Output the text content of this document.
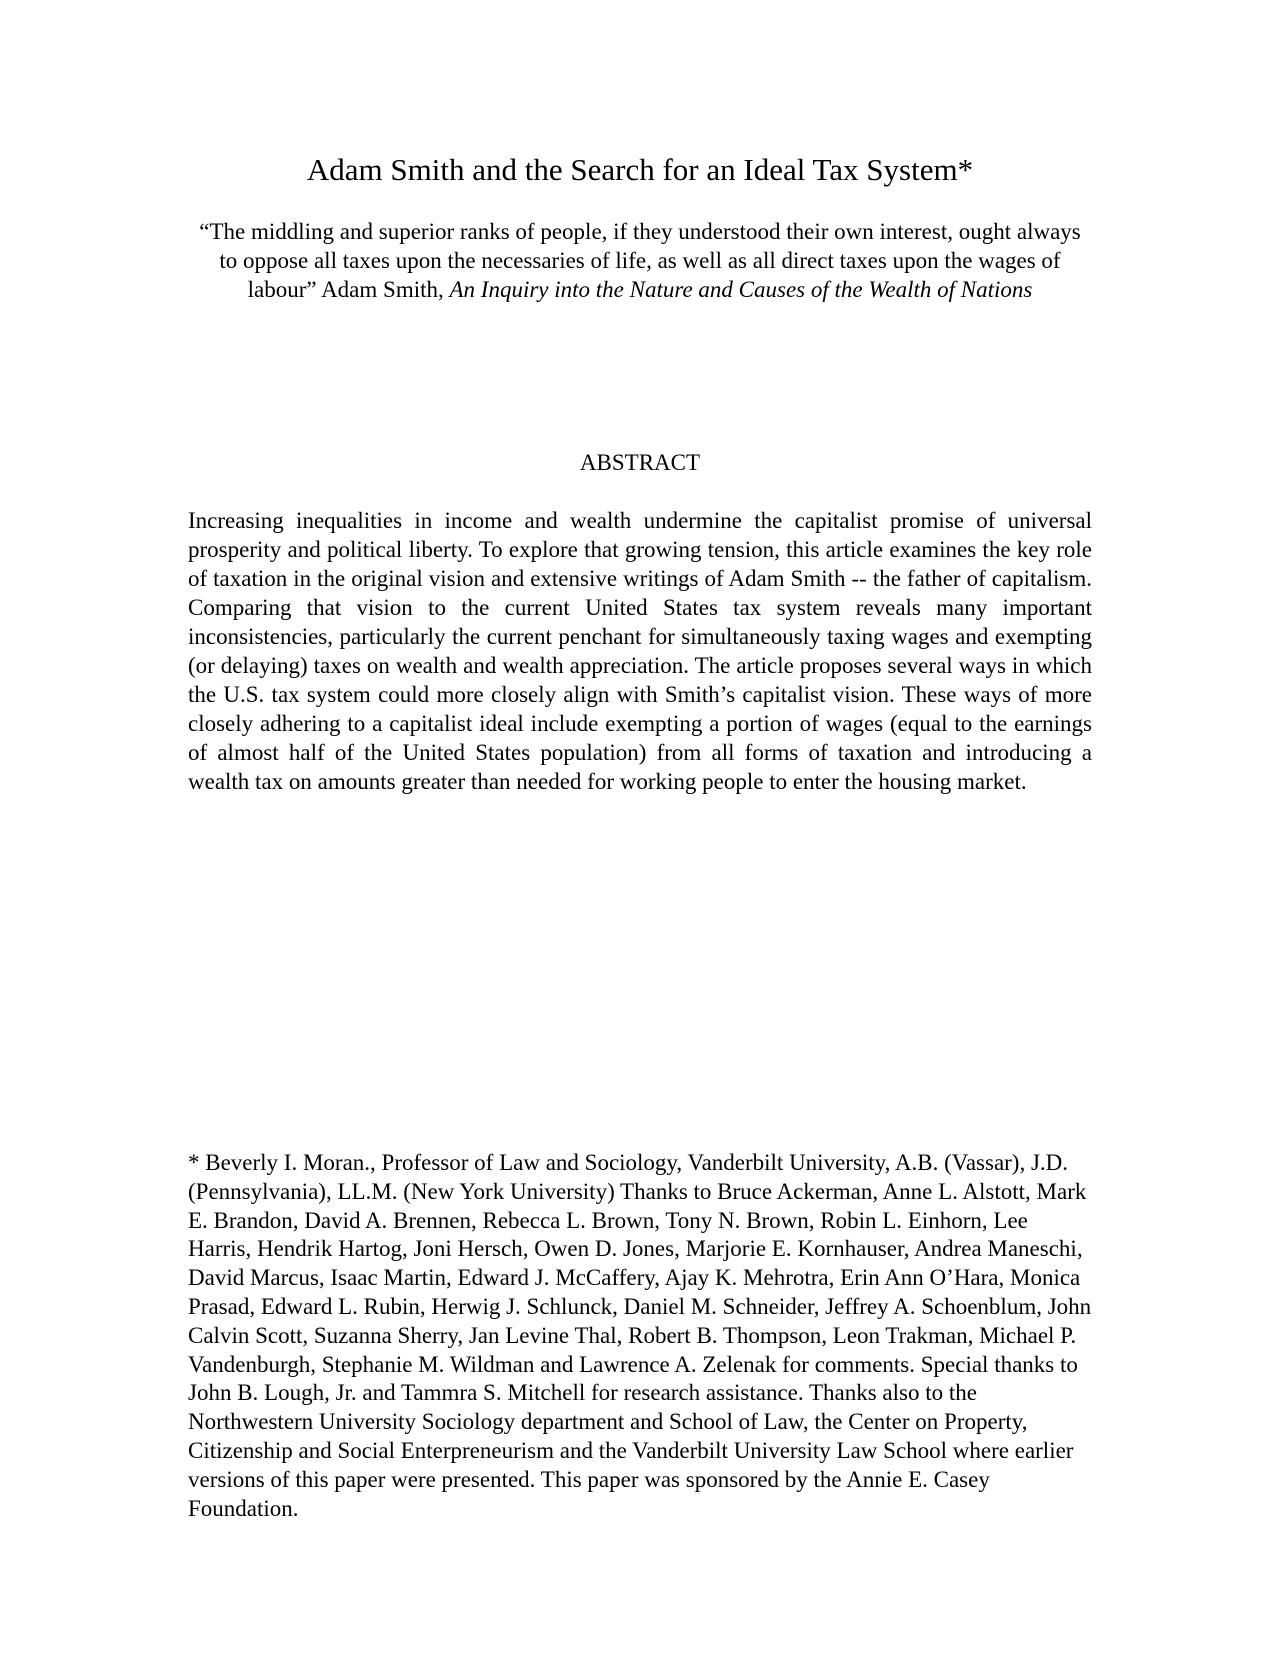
Adam Smith and the Search for an Ideal Tax System*

“The middling and superior ranks of people, if they understood their own interest, ought always to oppose all taxes upon the necessaries of life, as well as all direct taxes upon the wages of labour” Adam Smith, An Inquiry into the Nature and Causes of the Wealth of Nations

ABSTRACT

Increasing inequalities in income and wealth undermine the capitalist promise of universal prosperity and political liberty. To explore that growing tension, this article examines the key role of taxation in the original vision and extensive writings of Adam Smith -- the father of capitalism. Comparing that vision to the current United States tax system reveals many important inconsistencies, particularly the current penchant for simultaneously taxing wages and exempting (or delaying) taxes on wealth and wealth appreciation. The article proposes several ways in which the U.S. tax system could more closely align with Smith’s capitalist vision. These ways of more closely adhering to a capitalist ideal include exempting a portion of wages (equal to the earnings of almost half of the United States population) from all forms of taxation and introducing a wealth tax on amounts greater than needed for working people to enter the housing market.

* Beverly I. Moran., Professor of Law and Sociology, Vanderbilt University, A.B. (Vassar), J.D. (Pennsylvania), LL.M. (New York University) Thanks to Bruce Ackerman, Anne L. Alstott, Mark E. Brandon, David A. Brennen, Rebecca L. Brown, Tony N. Brown, Robin L. Einhorn, Lee Harris, Hendrik Hartog, Joni Hersch, Owen D. Jones, Marjorie E. Kornhauser, Andrea Maneschi, David Marcus, Isaac Martin, Edward J. McCaffery, Ajay K. Mehrotra, Erin Ann O’Hara, Monica Prasad, Edward L. Rubin, Herwig J. Schlunck, Daniel M. Schneider, Jeffrey A. Schoenblum, John Calvin Scott, Suzanna Sherry, Jan Levine Thal, Robert B. Thompson, Leon Trakman, Michael P. Vandenburgh, Stephanie M. Wildman and Lawrence A. Zelenak for comments. Special thanks to John B. Lough, Jr. and Tammra S. Mitchell for research assistance. Thanks also to the Northwestern University Sociology department and School of Law, the Center on Property, Citizenship and Social Enterpreneurism and the Vanderbilt University Law School where earlier versions of this paper were presented. This paper was sponsored by the Annie E. Casey Foundation.
